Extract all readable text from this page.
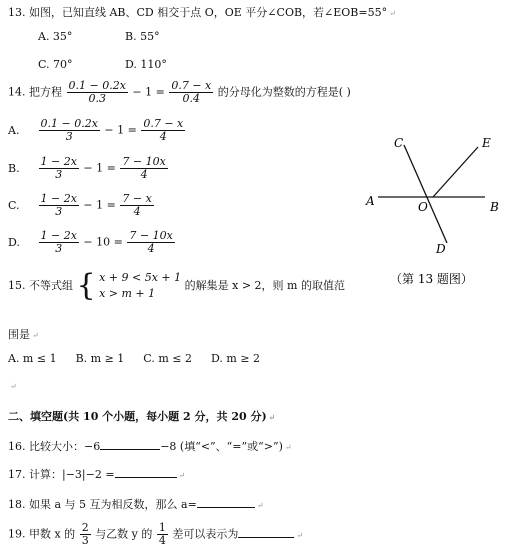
13. 如图，已知直线 AB、CD 相交于点 O，OE 平分∠COB，若∠EOB=55° ↵
A. 35°	B. 55°
C. 70°	D. 110°
14. 把方程 $\frac{0.1 - 0.2x}{0.3} - 1 = \frac{0.7 - x}{0.4}$ 的分母化为整数的方程是( )
A. $\frac{0.1 - 0.2x}{3} - 1 = \frac{0.7 - x}{4}$
B. $\frac{1 - 2x}{3} - 1 = \frac{7 - 10x}{4}$
C. $\frac{1 - 2x}{3} - 1 = \frac{7 - x}{4}$
D. $\frac{1 - 2x}{3} - 10 = \frac{7 - 10x}{4}$
C	E
A	O	B
D
（第 13 题图）
15. 不等式组 { x + 9 < 5x + 1
x > m + 1
的解集是 x > 2，则 m 的取值范
围是 ↵
A. m ≤ 1 B. m ≥ 1 C. m ≤ 2 D. m ≥ 2
↵
二、填空题(共 10 个小题，每小题 2 分，共 20 分) ↵
16. 比较大小：−6	−8 (填“<”、“=”或“>”) ↵
17. 计算：|−3|−2 =	↵
18. 如果 a 与 5 互为相反数，那么 a=	↵
19. 甲数 x 的 $\frac{2}{3}$ 与乙数 y 的 $\frac{1}{4}$ 差可以表示为	↵
